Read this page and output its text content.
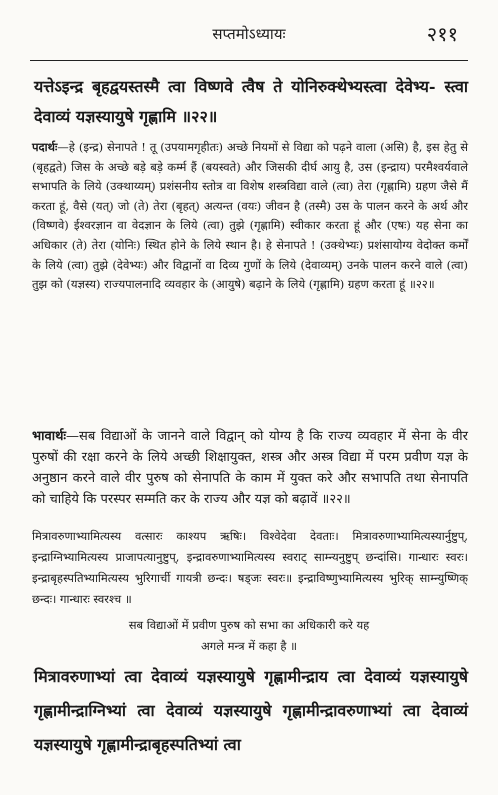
सप्तमोऽध्यायः	२११
यत्तेऽइन्द्र बृहद्वयस्तस्मै त्वा विष्णवे त्वैष ते योनिरुक्थेभ्यस्त्वा देवेभ्य- स्त्वा देवाव्यं यज्ञस्यायुषे गृह्णामि ॥२२॥
पदार्थः—हे (इन्द्र) सेनापते ! तू (उपयामगृहीतः) अच्छे नियमों से विद्या को पढ़ने वाला (असि) है, इस हेतु से (बृहद्वते) जिस के अच्छे बड़े बड़े कर्म्म हैं (बयस्वते) और जिसकी दीर्घ आयु है, उस (इन्द्राय) परमैश्वर्यवाले सभापति के लिये (उक्थाय्यम्) प्रशंसनीय स्तोत्र वा विशेष शस्त्रविद्या वाले (त्वा) तेरा (गृह्णामि) ग्रहण जैसे मैं करता हूं, वैसे (यत्) जो (ते) तेरा (बृहत्) अत्यन्त (वयः) जीवन है (तस्मै) उस के पालन करने के अर्थ और (विष्णवे) ईश्वरज्ञान वा वेदज्ञान के लिये (त्वा) तुझे (गृह्णामि) स्वीकार करता हूं और (एषः) यह सेना का अधिकार (ते) तेरा (योनिः) स्थित होने के लिये स्थान है। हे सेनापते ! (उक्थेभ्यः) प्रशंसायोग्य वेदोक्त कर्मों के लिये (त्वा) तुझे (देवेभ्यः) और विद्वानों वा दिव्य गुणों के लिये (देवाव्यम्) उनके पालन करने वाले (त्वा) तुझ को (यज्ञस्य) राज्यपालनादि व्यवहार के (आयुषे) बढ़ाने के लिये (गृह्णामि) ग्रहण करता हूं ॥२२॥
भावार्थः—सब विद्याओं के जानने वाले विद्वान् को योग्य है कि राज्य व्यवहार में सेना के वीर पुरुषों की रक्षा करने के लिये अच्छी शिक्षायुक्त, शस्त्र और अस्त्र विद्या में परम प्रवीण यज्ञ के अनुष्ठान करने वाले वीर पुरुष को सेनापति के काम में युक्त करे और सभापति तथा सेनापति को चाहिये कि परस्पर सम्मति कर के राज्य और यज्ञ को बढ़ावें ॥२२॥
मित्रावरुणाभ्यामित्यस्य वत्सारः काश्यप ऋषिः। विश्वेदेवा देवताः। मित्रावरुणाभ्यामित्यस्यार्नुष्टुप्, इन्द्राग्निभ्यामित्यस्य प्राजापत्यानुष्टुप्, इन्द्रावरुणाभ्यामित्यस्य स्वराट् साम्न्यनुष्टुप् छन्दांसि। गान्धारः स्वरः। इन्द्राबृहस्पतिभ्यामित्यस्य भुरिगार्ची गायत्री छन्दः। षड्जः स्वरः॥ इन्द्राविष्णुभ्यामित्यस्य भुरिक् साम्न्युष्णिक् छन्दः। गान्धारः स्वरश्च ॥
सब विद्याओं में प्रवीण पुरुष को सभा का अधिकारी करे यह
अगले मन्त्र में कहा है ॥
मित्रावरुणाभ्यां त्वा देवाव्यं यज्ञस्यायुषे गृह्णामीन्द्राय त्वा देवाव्यं यज्ञस्यायुषे गृह्णामीन्द्राग्निभ्यां त्वा देवाव्यं यज्ञस्यायुषे गृह्णामीन्द्रावरुणाभ्यां त्वा देवाव्यं यज्ञस्यायुषे गृह्णामीन्द्राबृहस्पतिभ्यां त्वा
